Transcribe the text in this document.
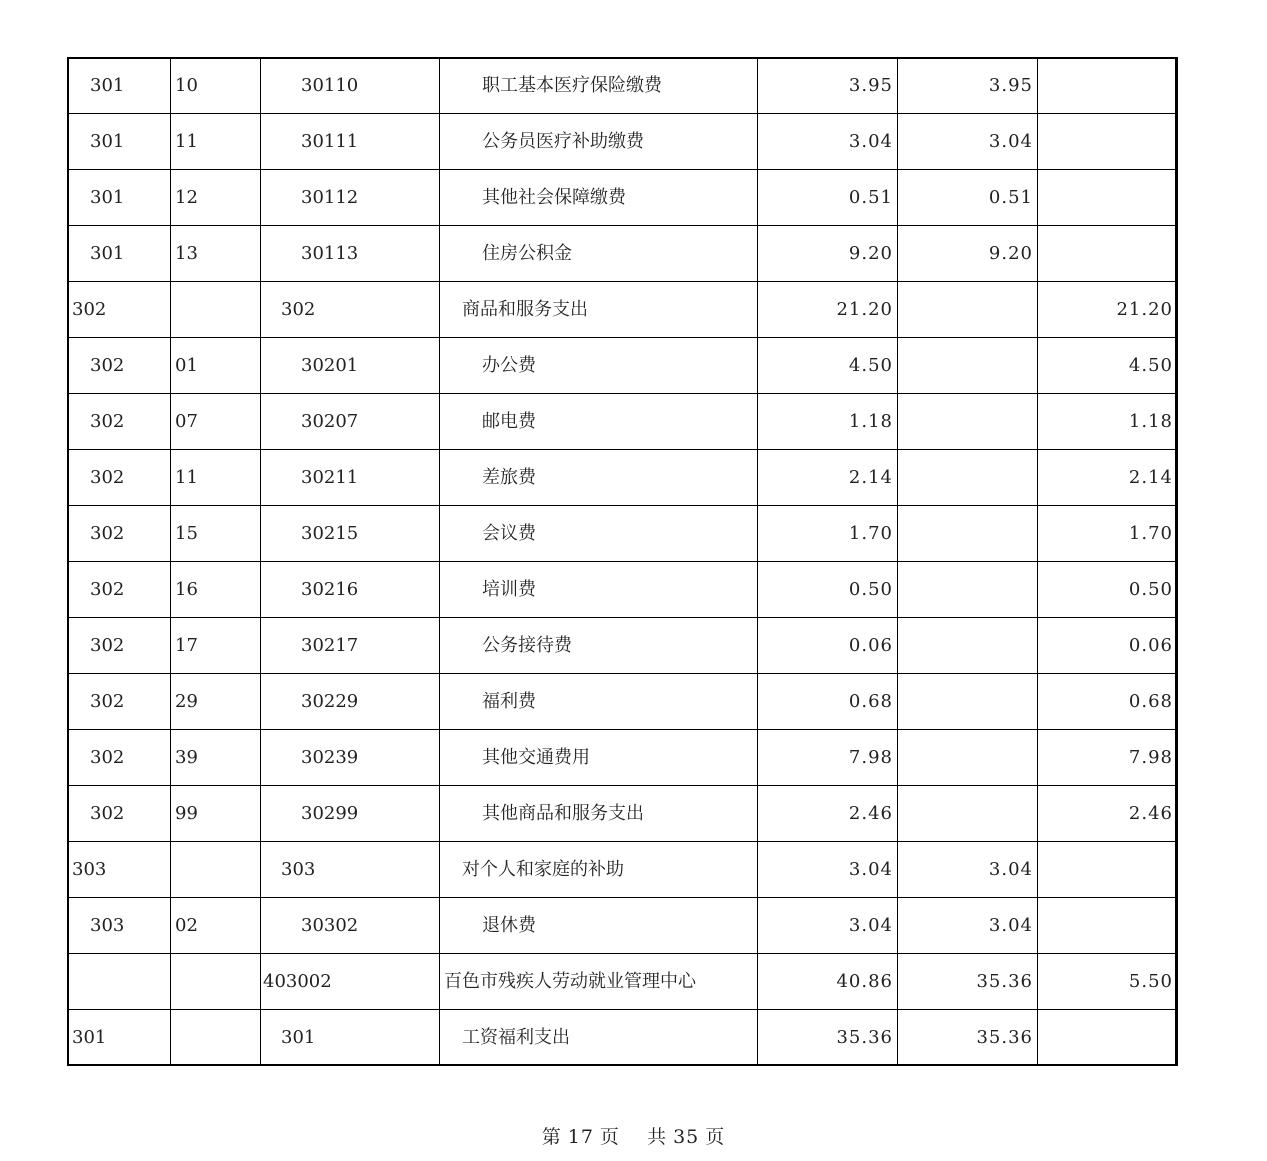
301	10	30110	职工基本医疗保险缴费	3.95	3.95	
301	11	30111	公务员医疗补助缴费	3.04	3.04	
301	12	30112	其他社会保障缴费	0.51	0.51	
301	13	30113	住房公积金	9.20	9.20	
302		302	商品和服务支出	21.20		21.20
302	01	30201	办公费	4.50		4.50
302	07	30207	邮电费	1.18		1.18
302	11	30211	差旅费	2.14		2.14
302	15	30215	会议费	1.70		1.70
302	16	30216	培训费	0.50		0.50
302	17	30217	公务接待费	0.06		0.06
302	29	30229	福利费	0.68		0.68
302	39	30239	其他交通费用	7.98		7.98
302	99	30299	其他商品和服务支出	2.46		2.46
303		303	对个人和家庭的补助	3.04	3.04	
303	02	30302	退休费	3.04	3.04	
		403002	百色市残疾人劳动就业管理中心	40.86	35.36	5.50
301		301	工资福利支出	35.36	35.36	
第 17 页 共 35 页
